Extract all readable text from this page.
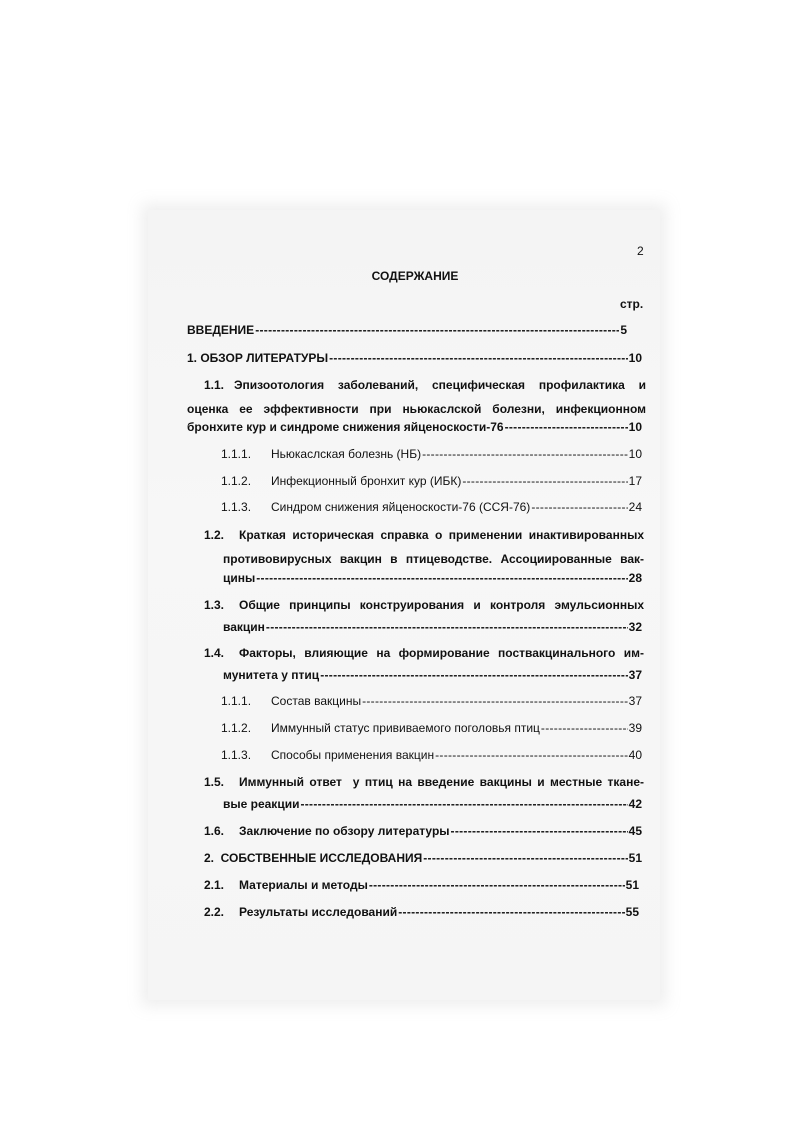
2
СОДЕРЖАНИЕ
стр.
ВВЕДЕНИЕ -----	5
1. ОБЗОР ЛИТЕРАТУРЫ -----	10
1.1. Эпизоотология заболеваний, специфическая профилактика и
оценка ее эффективности при ньюкаслской болезни, инфекционном
бронхите кур и синдроме снижения яйценоскости-76 -----	10
1.1.1.	Ньюкаслская болезнь (НБ) -----	10
1.1.2.	Инфекционный бронхит кур (ИБК) -----	17
1.1.3.	Синдром снижения яйценоскости-76 (ССЯ-76) -----	24
1.2.	Краткая историческая справка о применении инактивированных
противовирусных вакцин в птицеводстве. Ассоциированные вак-
цины -----	28
1.3.	Общие принципы конструирования и контроля эмульсионных
вакцин -----	32
1.4.	Факторы, влияющие на формирование поствакцинального им-
мунитета у птиц -----	37
1.1.1.	Состав вакцины -----	37
1.1.2.	Иммунный статус прививаемого поголовья птиц -----	39
1.1.3.	Способы применения вакцин -----	40
1.5.	Иммунный ответ  у птиц на введение вакцины и местные ткане-
вые реакции -----	42
1.6.	Заключение по обзору литературы -----	45
2.  СОБСТВЕННЫЕ ИССЛЕДОВАНИЯ -----	51
2.1.	Материалы и методы -----	51
2.2.	Результаты исследований -----	55
